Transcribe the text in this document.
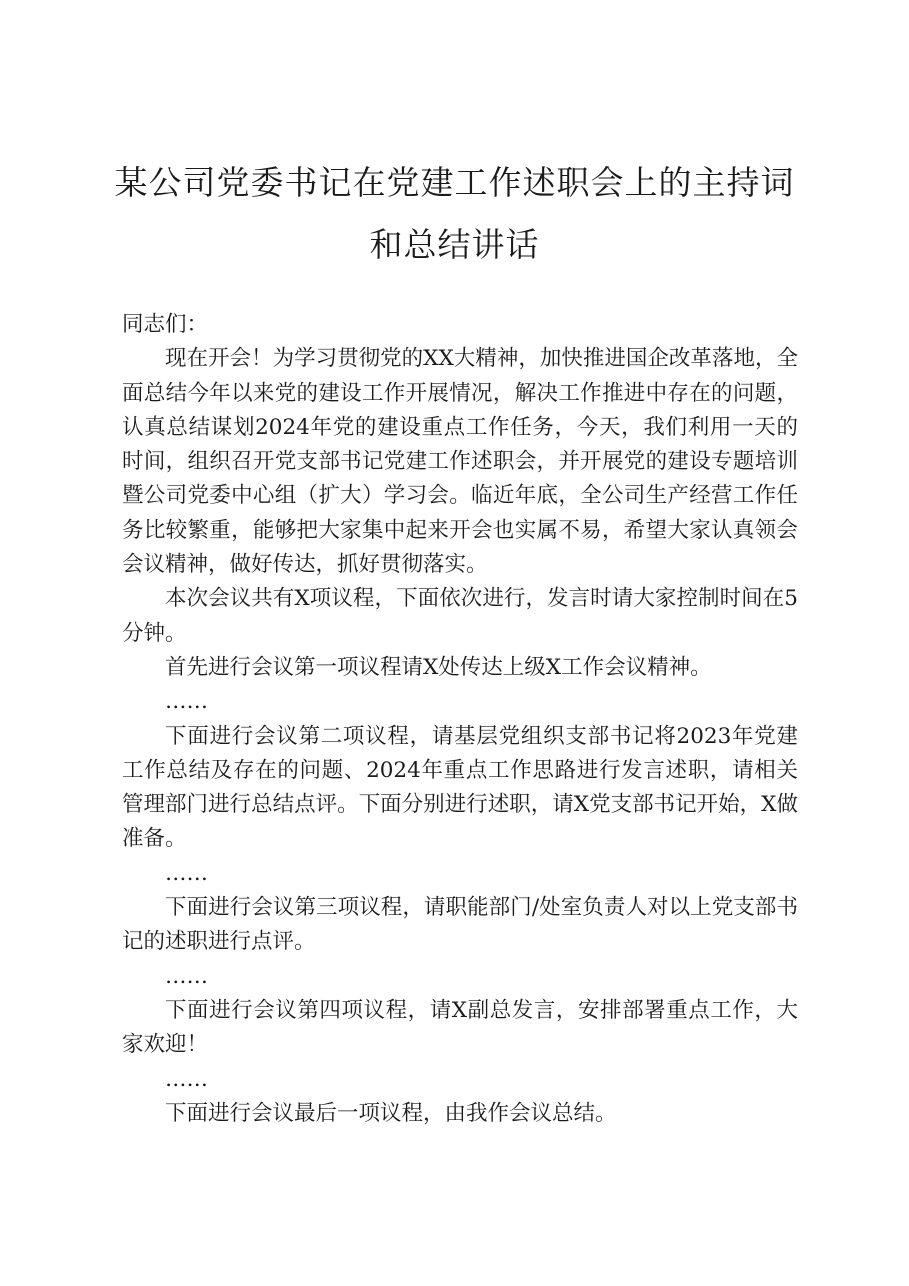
某公司党委书记在党建工作述职会上的主持词
和总结讲话

同志们：

现在开会！为学习贯彻党的XX大精神，加快推进国企改革落地，全面总结今年以来党的建设工作开展情况，解决工作推进中存在的问题，认真总结谋划2024年党的建设重点工作任务，今天，我们利用一天的时间，组织召开党支部书记党建工作述职会，并开展党的建设专题培训暨公司党委中心组（扩大）学习会。临近年底，全公司生产经营工作任务比较繁重，能够把大家集中起来开会也实属不易，希望大家认真领会会议精神，做好传达，抓好贯彻落实。

本次会议共有X项议程，下面依次进行，发言时请大家控制时间在5分钟。

首先进行会议第一项议程请X处传达上级X工作会议精神。

……

下面进行会议第二项议程，请基层党组织支部书记将2023年党建工作总结及存在的问题、2024年重点工作思路进行发言述职，请相关管理部门进行总结点评。下面分别进行述职，请X党支部书记开始，X做准备。

……

下面进行会议第三项议程，请职能部门/处室负责人对以上党支部书记的述职进行点评。

……

下面进行会议第四项议程，请X副总发言，安排部署重点工作，大家欢迎！

……

下面进行会议最后一项议程，由我作会议总结。
